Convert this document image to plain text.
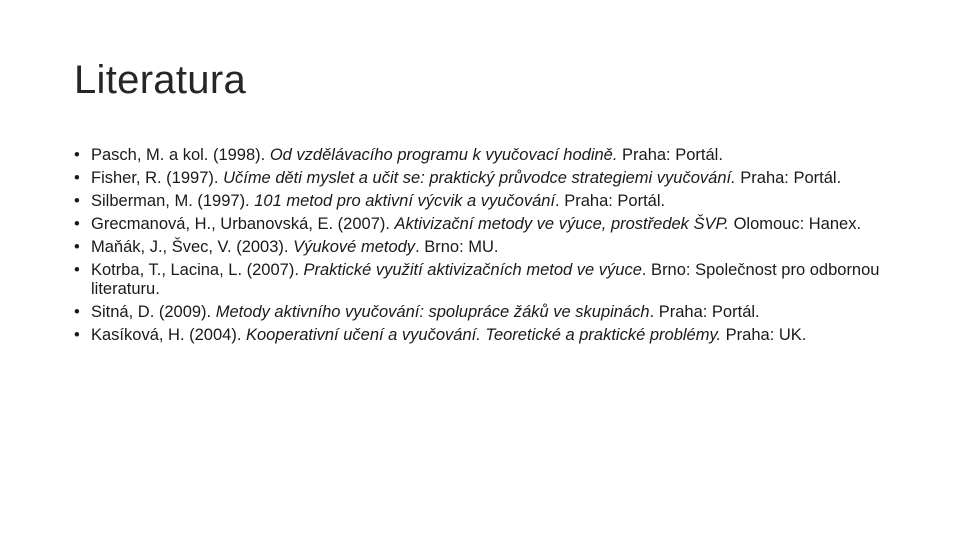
Literatura
• Pasch, M. a kol. (1998). Od vzdělávacího programu k vyučovací hodině. Praha: Portál.
• Fisher, R. (1997). Učíme děti myslet a učit se: praktický průvodce strategiemi vyučování. Praha: Portál.
• Silberman, M. (1997). 101 metod pro aktivní výcvik a vyučování. Praha: Portál.
• Grecmanová, H., Urbanovská, E. (2007). Aktivizační metody ve výuce, prostředek ŠVP. Olomouc: Hanex.
• Maňák, J., Švec, V. (2003). Výukové metody. Brno: MU.
• Kotrba, T., Lacina, L. (2007). Praktické využití aktivizačních metod ve výuce. Brno: Společnost pro odbornou literaturu.
• Sitná, D. (2009). Metody aktivního vyučování: spolupráce žáků ve skupinách. Praha: Portál.
• Kasíková, H. (2004). Kooperativní učení a vyučování. Teoretické a praktické problémy. Praha: UK.
